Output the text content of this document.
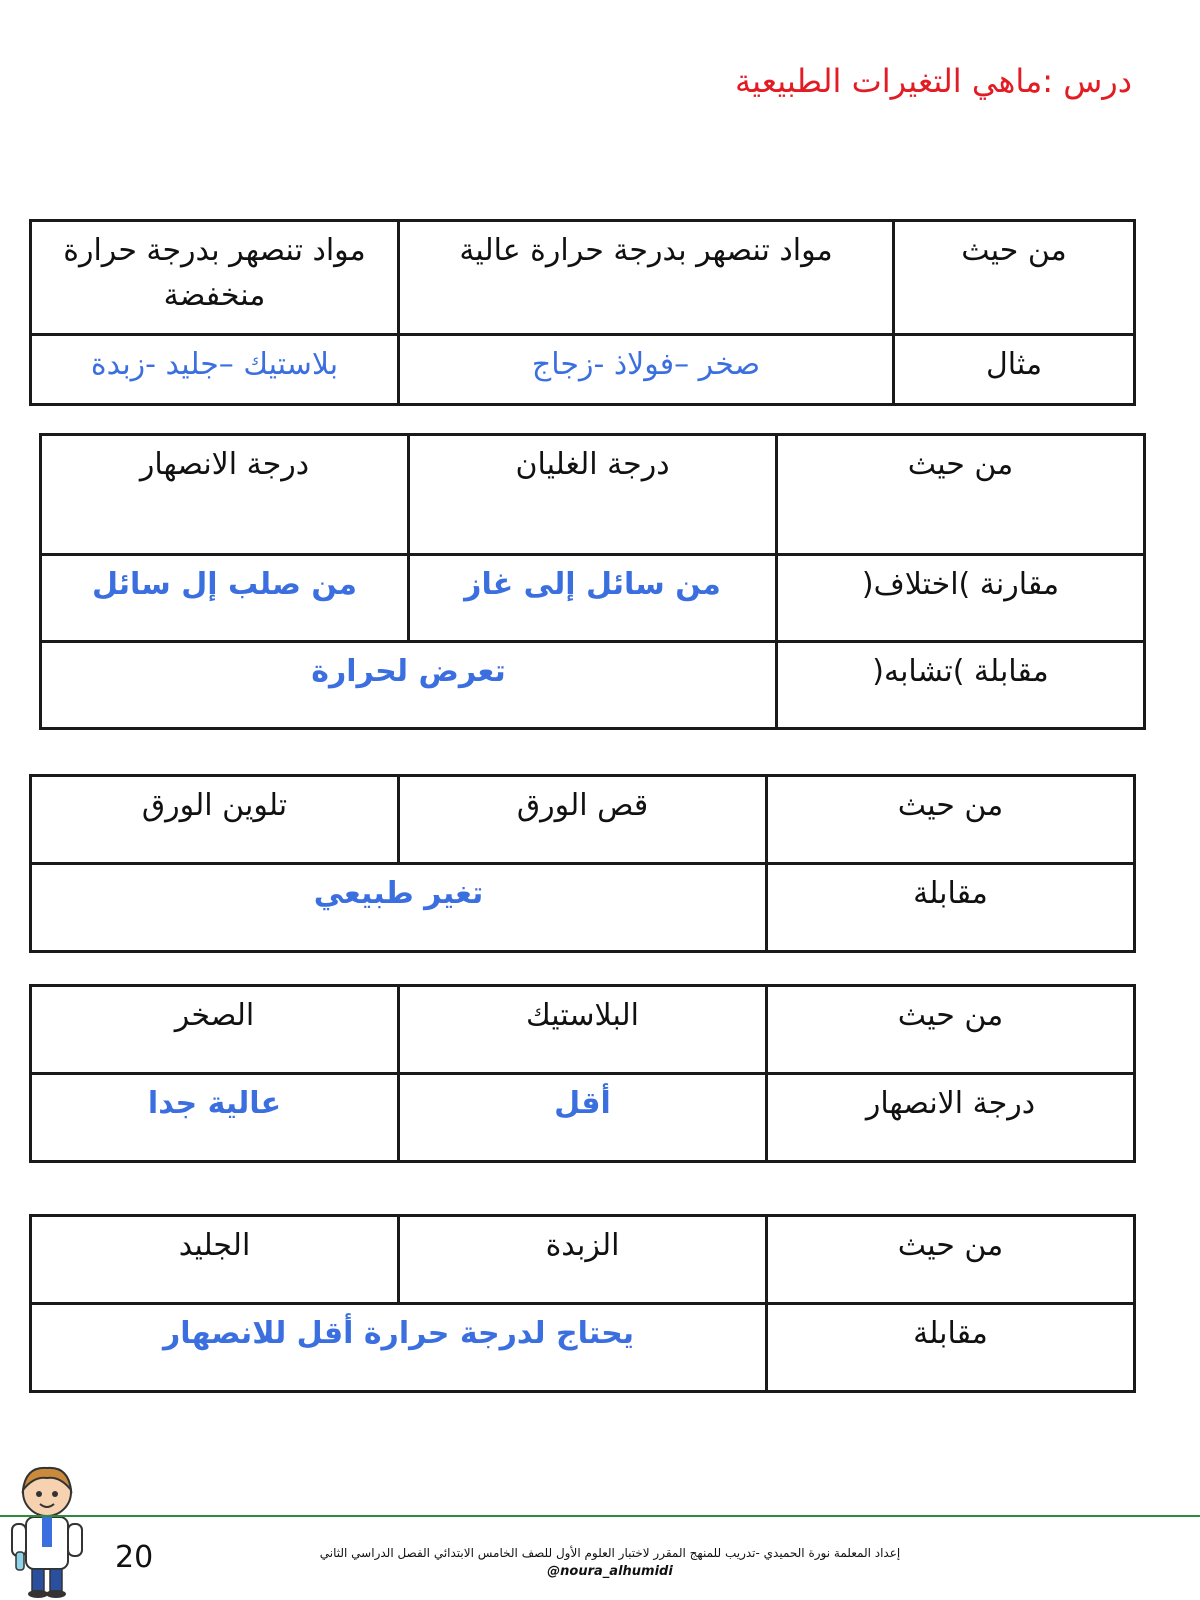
درس :ماهي التغيرات الطبيعية
من حيث	مواد تنصهر بدرجة حرارة عالية	مواد تنصهر بدرجة حرارة منخفضة
مثال	صخر –فولاذ -زجاج	بلاستيك –جليد -زبدة
من حيث	درجة الغليان	درجة الانصهار
مقارنة )اختلاف(	من سائل إلى غاز	من صلب إل سائل
مقابلة )تشابه(	تعرض لحرارة	
من حيث	قص الورق	تلوين الورق
مقابلة	تغير طبيعي	
من حيث	البلاستيك	الصخر
درجة الانصهار	أقل	عالية جدا
من حيث	الزبدة	الجليد
مقابلة	يحتاج لدرجة حرارة أقل للانصهار	
20	إعداد المعلمة نورة الحميدي -تدريب للمنهج المقرر لاختبار العلوم الأول للصف الخامس الابتدائي الفصل الدراسي الثاني
@noura_alhumidi
